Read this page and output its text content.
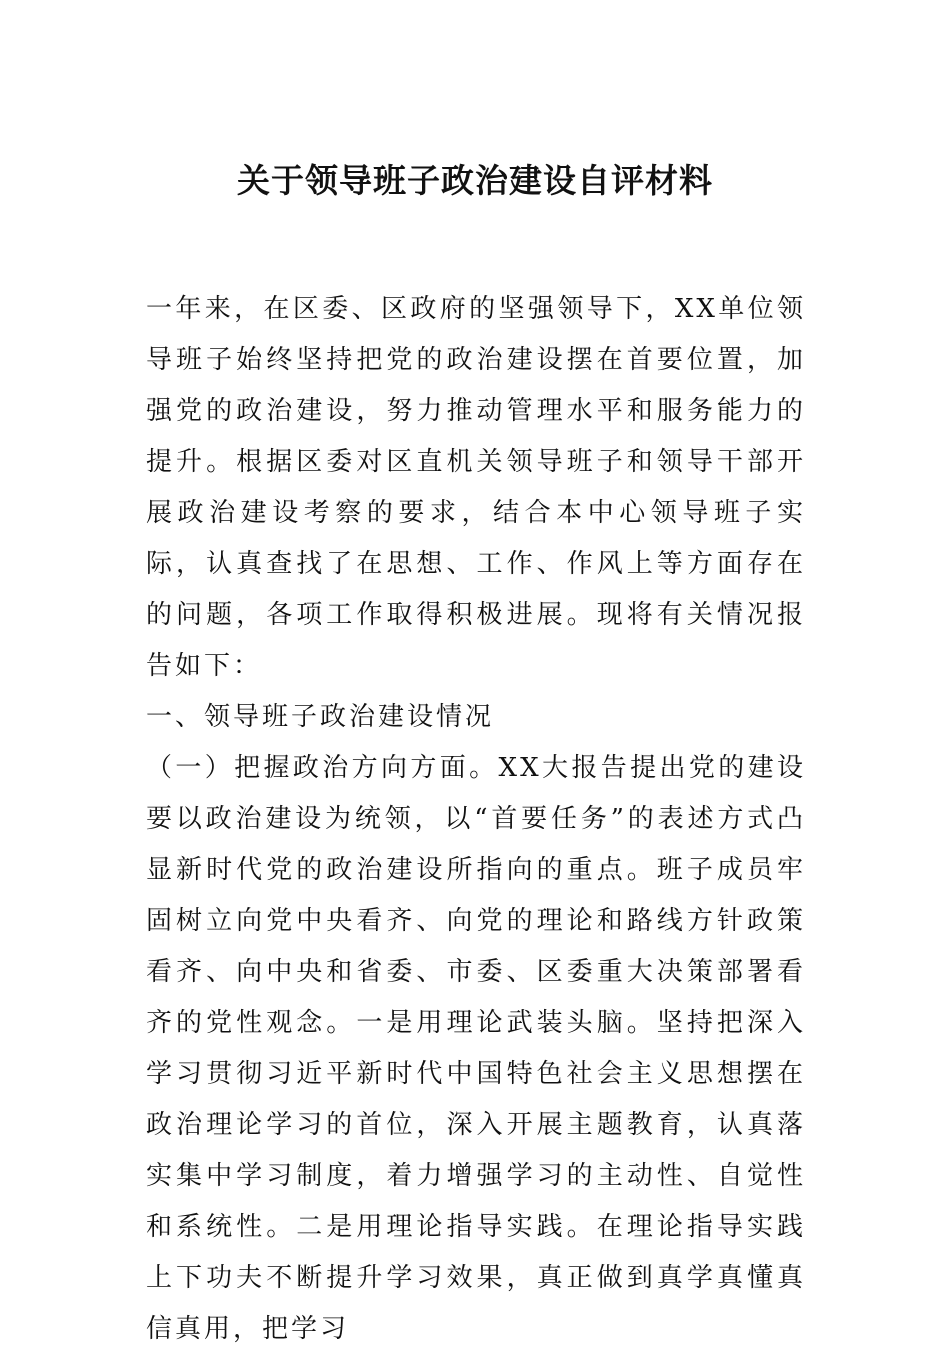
关于领导班子政治建设自评材料

一年来，在区委、区政府的坚强领导下，XX单位领导班子始终坚持把党的政治建设摆在首要位置，加强党的政治建设，努力推动管理水平和服务能力的提升。根据区委对区直机关领导班子和领导干部开展政治建设考察的要求，结合本中心领导班子实际，认真查找了在思想、工作、作风上等方面存在的问题，各项工作取得积极进展。现将有关情况报告如下：

一、领导班子政治建设情况

（一）把握政治方向方面。XX大报告提出党的建设要以政治建设为统领，以“首要任务”的表述方式凸显新时代党的政治建设所指向的重点。班子成员牢固树立向党中央看齐、向党的理论和路线方针政策看齐、向中央和省委、市委、区委重大决策部署看齐的党性观念。一是用理论武装头脑。坚持把深入学习贯彻习近平新时代中国特色社会主义思想摆在政治理论学习的首位，深入开展主题教育，认真落实集中学习制度，着力增强学习的主动性、自觉性和系统性。二是用理论指导实践。在理论指导实践上下功夫不断提升学习效果，真正做到真学真懂真信真用，把学习
